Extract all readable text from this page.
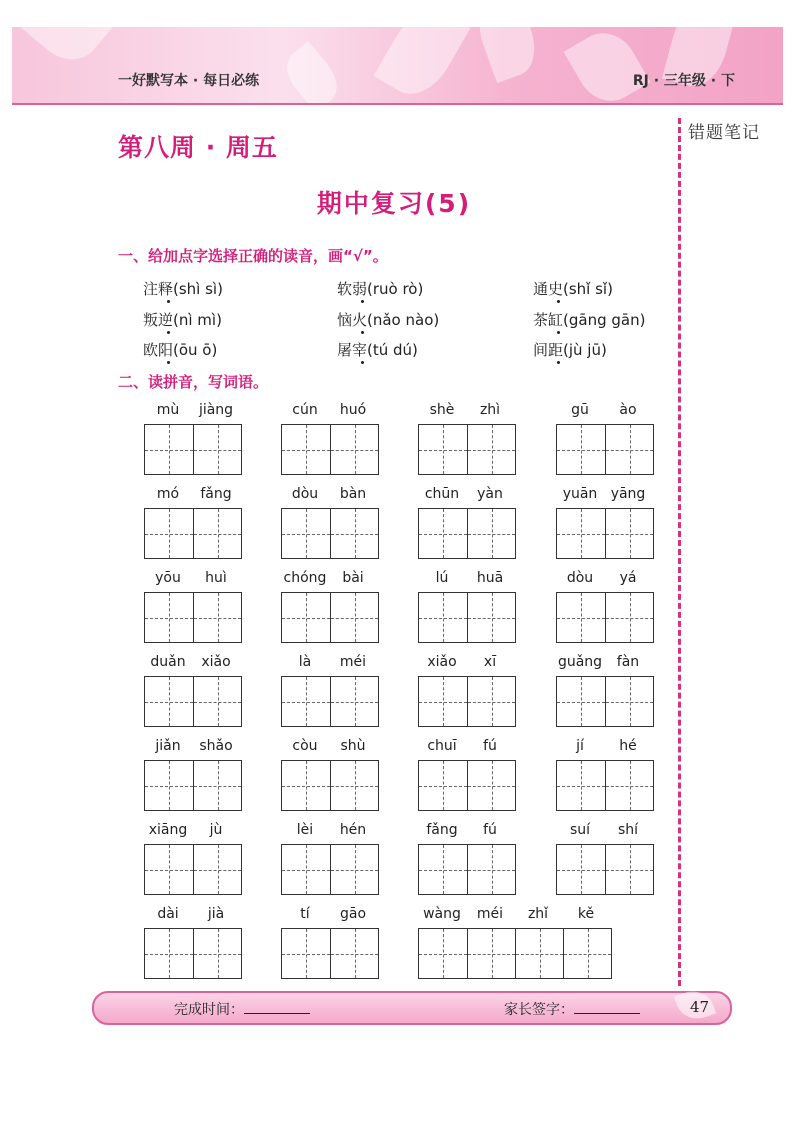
一好默写本 · 每日必练	RJ · 三年级 · 下
错题笔记
第八周 · 周五
期中复习(5)
一、给加点字选择正确的读音，画“√”。
注释(shì sì)	软弱(ruò rò)	通史(shǐ sǐ)
叛逆(nì mì)	恼火(nǎo nào)	茶缸(gāng gān)
欧阳(ōu ō)	屠宰(tú dú)	间距(jù jū)
二、读拼音，写词语。
mù	jiàng	cún	huó	shè	zhì	gū	ào
mó	fǎng	dòu	bàn	chūn	yàn	yuān yāng
yōu	huì	chóng	bài	lú	huā	dòu	yá
duǎn	xiǎo	là	méi	xiǎo	xī	guǎng	fàn
jiǎn	shǎo	còu	shù	chuī	fú	jí	hé
xiāng	jù	lèi	hén	fǎng	fú	suí	shí
dài	jià	tí	gāo	wàng	méi	zhǐ	kě
完成时间：	家长签字：	47
